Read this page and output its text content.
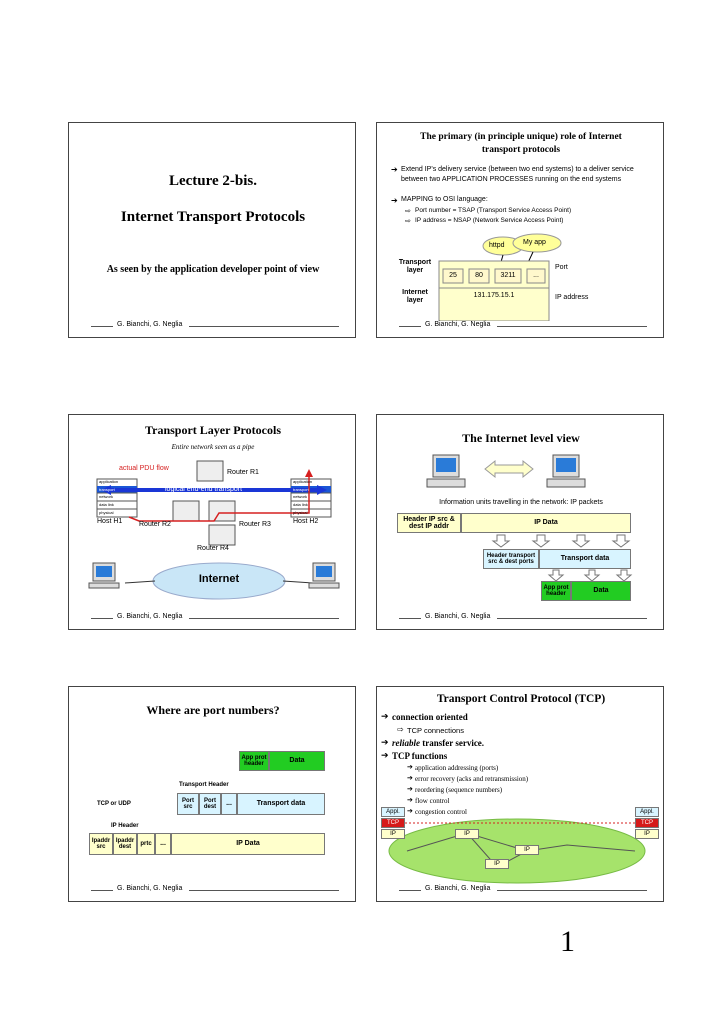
Lecture 2-bis.
Internet Transport Protocols
As seen by the application developer point of view
G. Bianchi, G. Neglia
The primary (in principle unique) role of Internet transport protocols
➔ Extend IP's delivery service (between two end systems) to a deliver service between two APPLICATION PROCESSES running on the end systems
➔ MAPPING to OSI language:
⇨ Port number = TSAP (Transport Service Access Point)
⇨ IP address = NSAP (Network Service Access Point)
httpd	My app
Transport layer
25	80	3211	...
Port
Internet layer
131.175.15.1	IP address
G. Bianchi, G. Neglia
Transport Layer Protocols
Entire network seen as a pipe
actual PDU flow
logical end-end transport
Router R1
Router R2	Router R3
Router R4
Host H1	Host H2
application
transport
network
data link
physical
application
transport
network
data link
physical
Internet
G. Bianchi, G. Neglia
The Internet level view
Information units travelling in the network: IP packets
Header IP src & dest IP addr
IP Data
Header transport src & dest ports	Transport data
App prot header	Data
G. Bianchi, G. Neglia
Where are port numbers?
App prot header	Data
Transport Header
TCP or UDP
Port src
Port dest	...	Transport data
IP Header
Ipaddr src
Ipaddr dest
prtc	...	IP Data
G. Bianchi, G. Neglia
Transport Control Protocol (TCP)
➔ connection oriented
⇨ TCP connections
➔ reliable transfer service.
➔ TCP functions
➔ application addressing (ports)
➔ error recovery (acks and retransmission)
➔ reordering (sequence numbers)
➔ flow control
➔ congestion control
Appl.
TCP
IP
Appl.
TCP
IP
IP
IP
IP
G. Bianchi, G. Neglia
1
